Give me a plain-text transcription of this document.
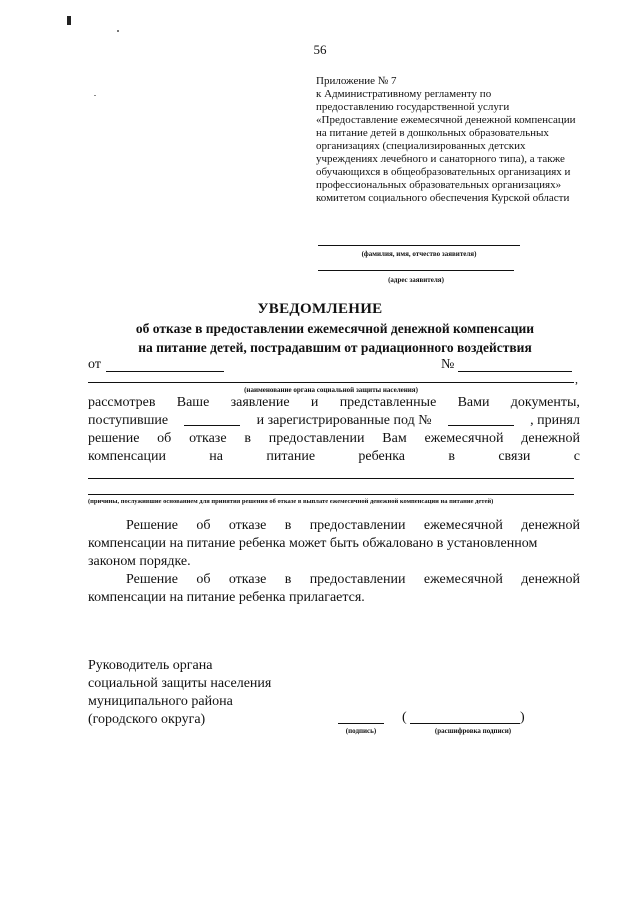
56
Приложение № 7
к Административному регламенту по
предоставлению государственной услуги
«Предоставление ежемесячной денежной компенсации
на питание детей в дошкольных образовательных
организациях (специализированных детских
учреждениях лечебного и санаторного типа), а также
обучающихся в общеобразовательных организациях и
профессиональных образовательных организациях»
комитетом социального обеспечения Курской области
(фамилия, имя, отчество заявителя)
(адрес заявителя)
УВЕДОМЛЕНИЕ
об отказе в предоставлении ежемесячной денежной компенсации
на питание детей, пострадавшим от радиационного воздействия
от	№
,
(наименование органа социальной защиты населения)
рассмотрев Ваше заявление и представленные Вами документы,
поступившие	и зарегистрированные под №	, принял
решение об отказе в предоставлении Вам ежемесячной денежной
компенсации	на	питание	ребенка	в	связи	с
(причины, послужившие основанием для принятия решения об отказе в выплате ежемесячной денежной компенсации на питание детей)
Решение об отказе в предоставлении ежемесячной денежной
компенсации на питание ребенка может быть обжаловано в установленном
законом порядке.
Решение об отказе в предоставлении ежемесячной денежной
компенсации на питание ребенка прилагается.
Руководитель органа
социальной защиты населения
муниципального района
(городского округа)
(подпись)
(	)
(расшифровка подписи)
